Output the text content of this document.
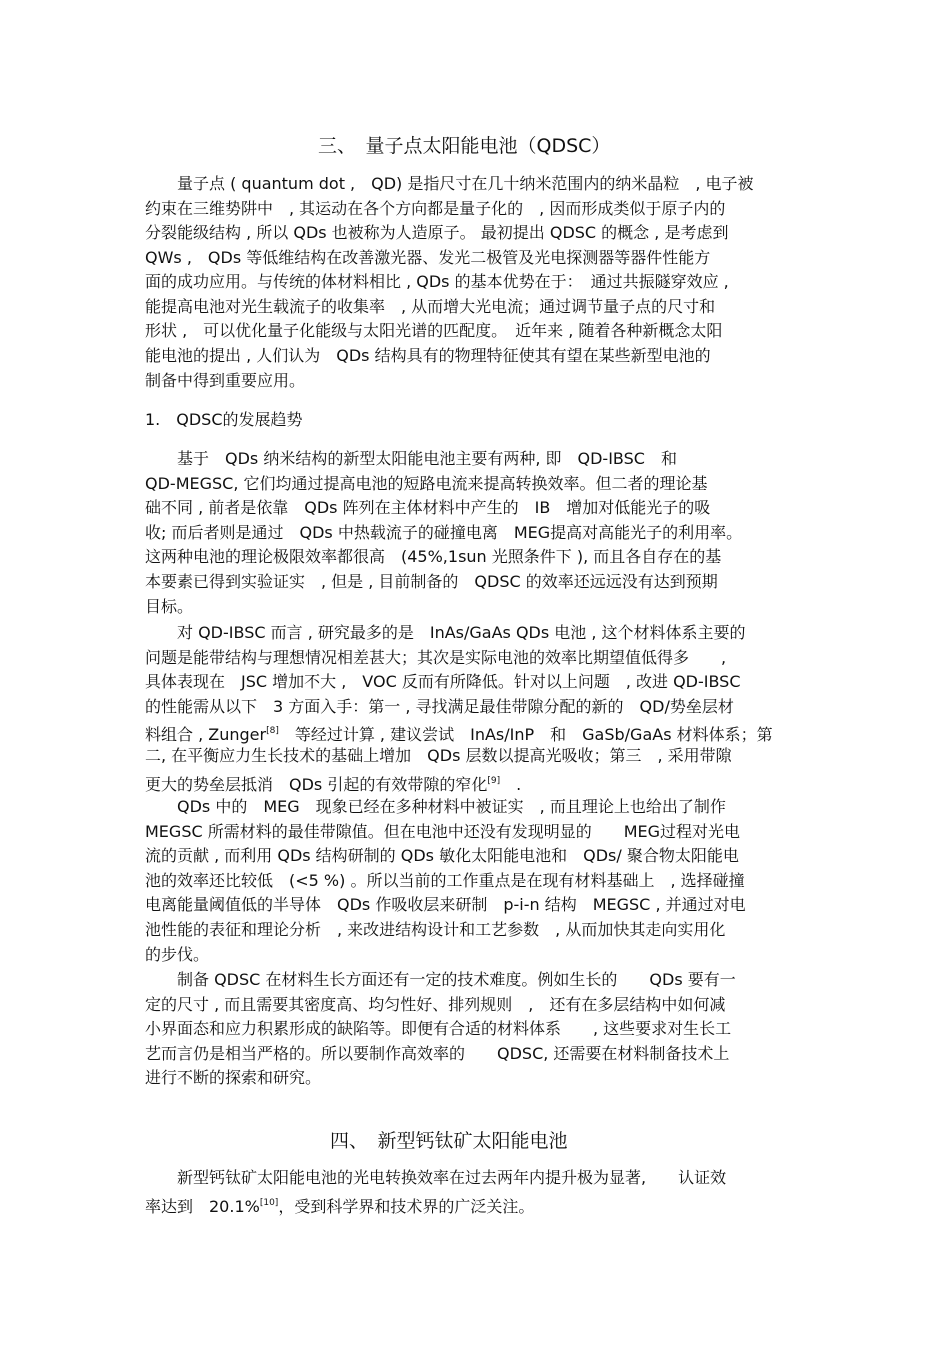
三、　量子点太阳能电池（QDSC）
　　量子点 ( quantum dot ,　QD) 是指尺寸在几十纳米范围内的纳米晶粒　, 电子被
约束在三维势阱中　, 其运动在各个方向都是量子化的　, 因而形成类似于原子内的
分裂能级结构 , 所以 QDs 也被称为人造原子。 最初提出 QDSC 的概念 , 是考虑到
QWs ,　QDs 等低维结构在改善激光器、发光二极管及光电探测器等器件性能方
面的成功应用。与传统的体材料相比 , QDs 的基本优势在于：　通过共振隧穿效应 ,
能提高电池对光生载流子的收集率　, 从而增大光电流；通过调节量子点的尺寸和
形状 ,　可以优化量子化能级与太阳光谱的匹配度。　近年来 , 随着各种新概念太阳
能电池的提出 , 人们认为　QDs 结构具有的物理特征使其有望在某些新型电池的
制备中得到重要应用。
1.　QDSC的发展趋势
　　基于　QDs 纳米结构的新型太阳能电池主要有两种, 即　QD-IBSC　和
QD-MEGSC, 它们均通过提高电池的短路电流来提高转换效率。但二者的理论基
础不同 , 前者是依靠　QDs 阵列在主体材料中产生的　IB　增加对低能光子的吸
收; 而后者则是通过　QDs 中热载流子的碰撞电离　MEG提高对高能光子的利用率。
这两种电池的理论极限效率都很高　(45%,1sun 光照条件下 ), 而且各自存在的基
本要素已得到实验证实　, 但是 , 目前制备的　QDSC 的效率还远远没有达到预期
目标。
　　对 QD-IBSC 而言 , 研究最多的是　InAs/GaAs QDs 电池 , 这个材料体系主要的
问题是能带结构与理想情况相差甚大；其次是实际电池的效率比期望值低得多　　,
具体表现在　JSC 增加不大 ,　VOC 反而有所降低。针对以上问题　, 改进 QD-IBSC
的性能需从以下　3 方面入手：第一 , 寻找满足最佳带隙分配的新的　QD/势垒层材
料组合 , Zunger[8]　等经过计算 , 建议尝试　InAs/InP　和　GaSb/GaAs 材料体系；第
二, 在平衡应力生长技术的基础上增加　QDs 层数以提高光吸收；第三　, 采用带隙
更大的势垒层抵消　QDs 引起的有效带隙的窄化[9]　.
　　QDs 中的　MEG　现象已经在多种材料中被证实　, 而且理论上也给出了制作
MEGSC 所需材料的最佳带隙值。但在电池中还没有发现明显的　　MEG过程对光电
流的贡献 , 而利用 QDs 结构研制的 QDs 敏化太阳能电池和　QDs/ 聚合物太阳能电
池的效率还比较低　(<5 %) 。所以当前的工作重点是在现有材料基础上　, 选择碰撞
电离能量阈值低的半导体　QDs 作吸收层来研制　p-i-n 结构　MEGSC , 并通过对电
池性能的表征和理论分析　, 来改进结构设计和工艺参数　, 从而加快其走向实用化
的步伐。
　　制备 QDSC 在材料生长方面还有一定的技术难度。例如生长的　　QDs 要有一
定的尺寸 , 而且需要其密度高、均匀性好、排列规则　,　还有在多层结构中如何减
小界面态和应力积累形成的缺陷等。即便有合适的材料体系　　, 这些要求对生长工
艺而言仍是相当严格的。所以要制作高效率的　　QDSC, 还需要在材料制备技术上
进行不断的探索和研究。
四、　新型钙钛矿太阳能电池
　　新型钙钛矿太阳能电池的光电转换效率在过去两年内提升极为显著,　　认证效
率达到　20.1%[10]，受到科学界和技术界的广泛关注。
